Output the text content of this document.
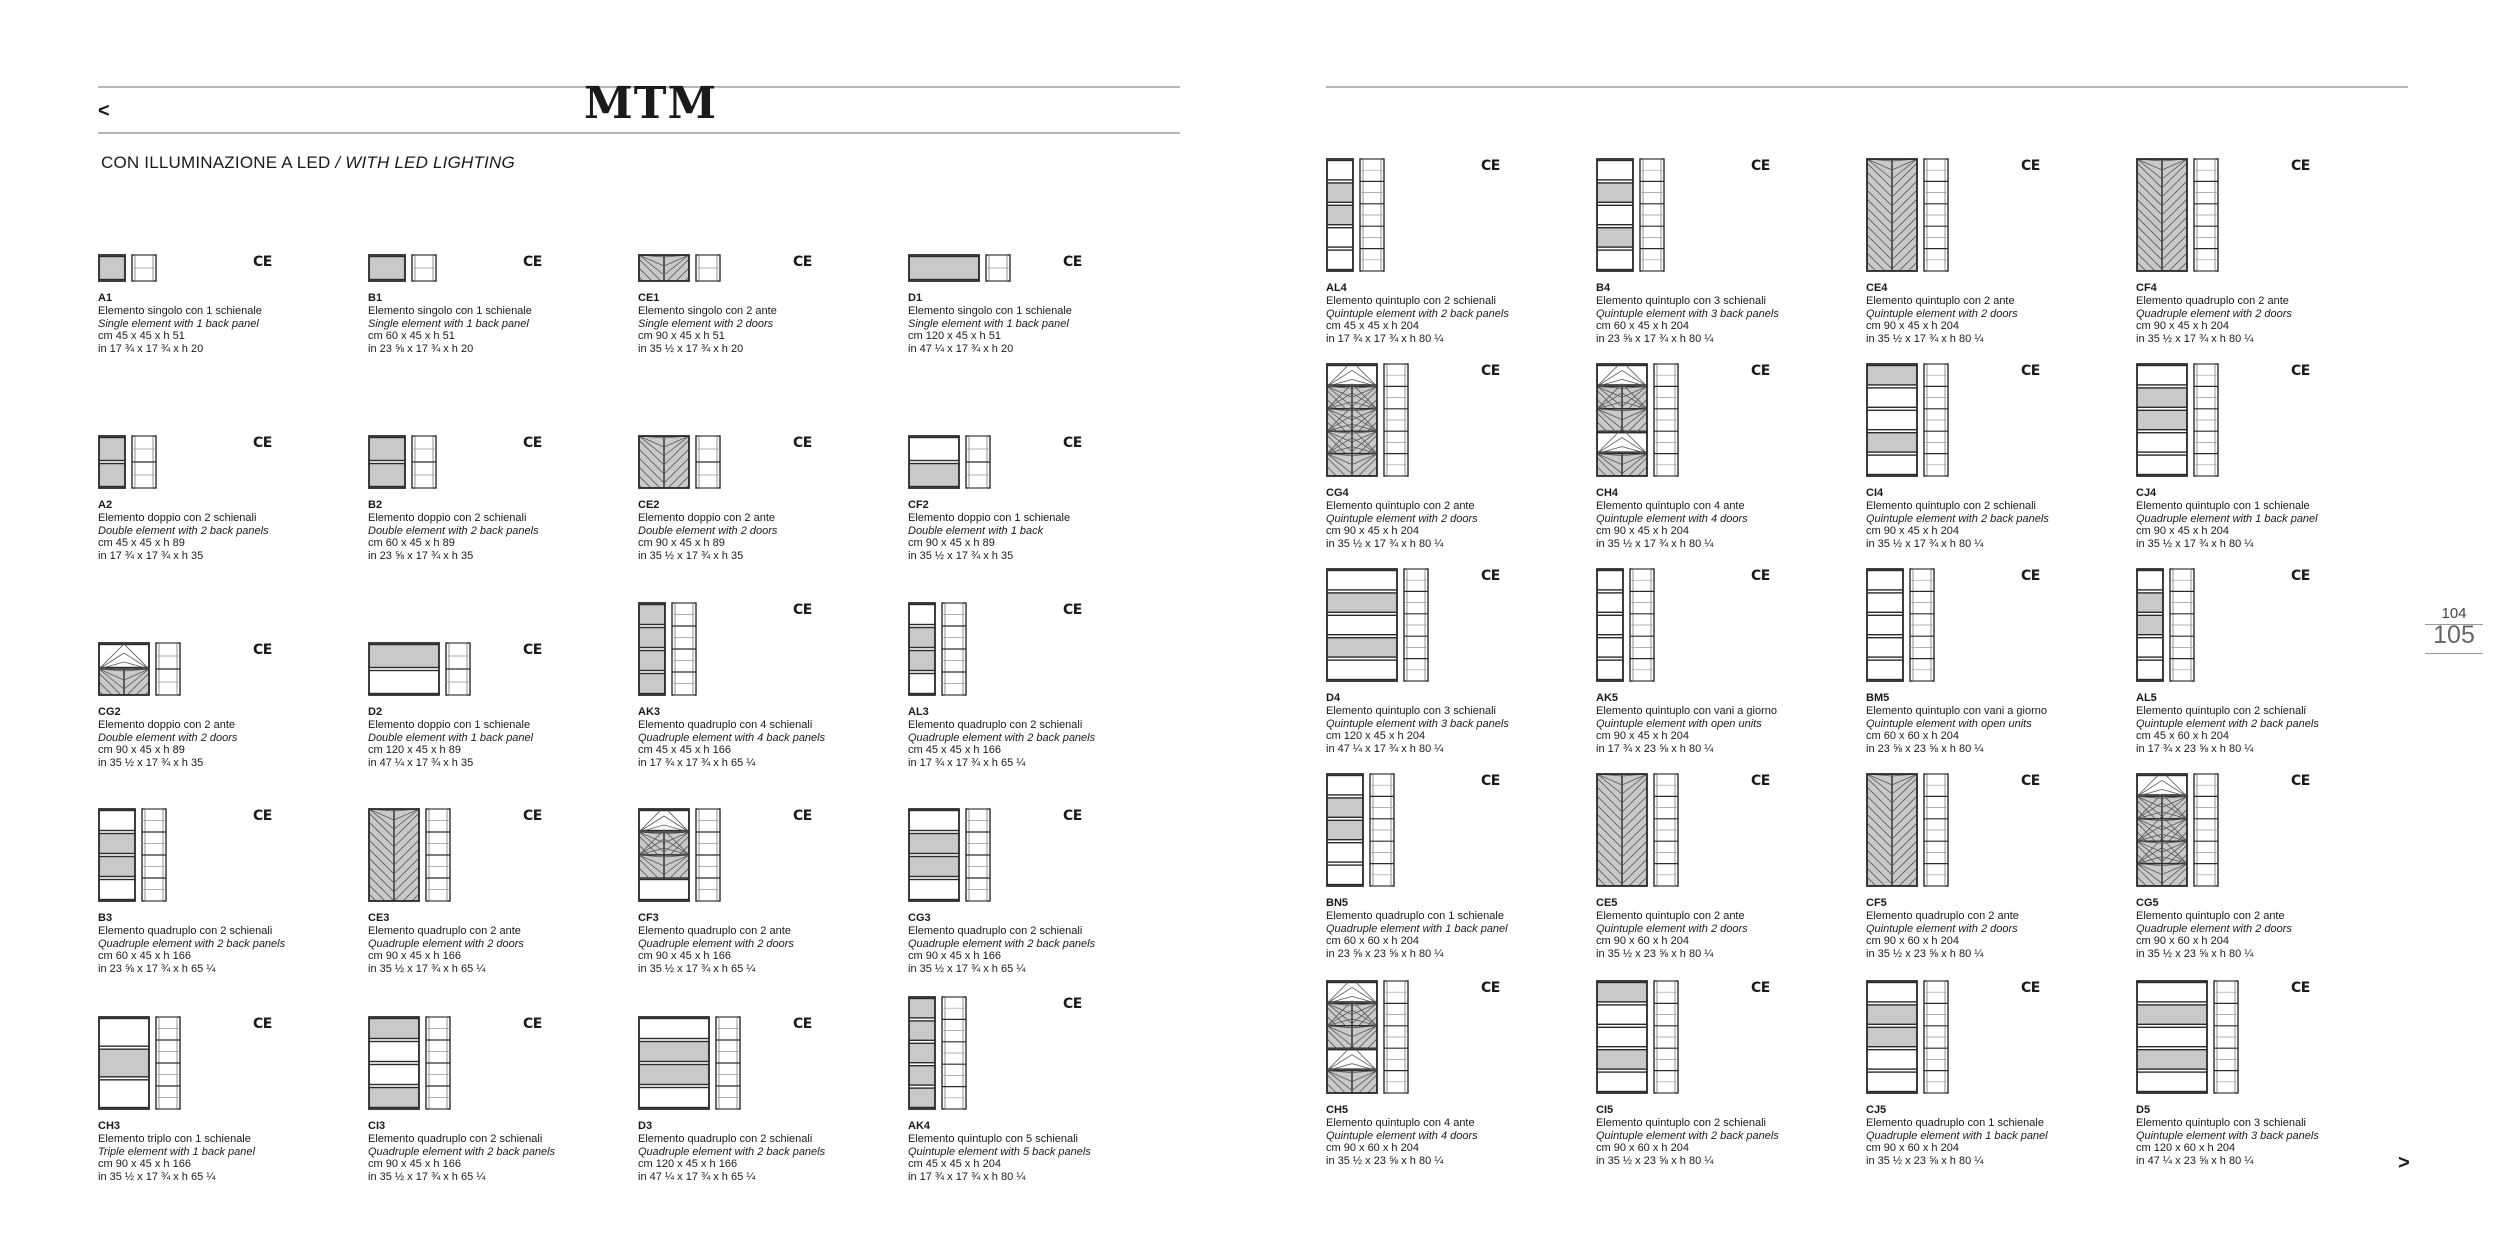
MTM
<
>
CON ILLUMINAZIONE A LED / WITH LED LIGHTING
104
105
CE
A1
Elemento singolo con 1 schienale
Single element with 1 back panel
cm 45 x 45 x h 51
in 17 ¾ x 17 ¾ x h 20
CE
B1
Elemento singolo con 1 schienale
Single element with 1 back panel
cm 60 x 45 x h 51
in 23 ⅝ x 17 ¾ x h 20
CE
CE1
Elemento singolo con 2 ante
Single element with 2 doors
cm 90 x 45 x h 51
in 35 ½ x 17 ¾ x h 20
CE
D1
Elemento singolo con 1 schienale
Single element with 1 back panel
cm 120 x 45 x h 51
in 47 ¼ x 17 ¾ x h 20
CE
A2
Elemento doppio con 2 schienali
Double element with 2 back panels
cm 45 x 45 x h 89
in 17 ¾ x 17 ¾ x h 35
CE
B2
Elemento doppio con 2 schienali
Double element with 2 back panels
cm 60 x 45 x h 89
in 23 ⅝ x 17 ¾ x h 35
CE
CE2
Elemento doppio con 2 ante
Double element with 2 doors
cm 90 x 45 x h 89
in 35 ½ x 17 ¾ x h 35
CE
CF2
Elemento doppio con 1 schienale
Double element with 1 back
cm 90 x 45 x h 89
in 35 ½ x 17 ¾ x h 35
CE
CG2
Elemento doppio con 2 ante
Double element with 2 doors
cm 90 x 45 x h 89
in 35 ½ x 17 ¾ x h 35
CE
D2
Elemento doppio con 1 schienale
Double element with 1 back panel
cm 120 x 45 x h 89
in 47 ¼ x 17 ¾ x h 35
CE
AK3
Elemento quadruplo con 4 schienali
Quadruple element with 4 back panels
cm 45 x 45 x h 166
in 17 ¾ x 17 ¾ x h 65 ¼
CE
AL3
Elemento quadruplo con 2 schienali
Quadruple element with 2 back panels
cm 45 x 45 x h 166
in 17 ¾ x 17 ¾ x h 65 ¼
CE
B3
Elemento quadruplo con 2 schienali
Quadruple element with 2 back panels
cm 60 x 45 x h 166
in 23 ⅝ x 17 ¾ x h 65 ¼
CE
CE3
Elemento quadruplo con 2 ante
Quadruple element with 2 doors
cm 90 x 45 x h 166
in 35 ½ x 17 ¾ x h 65 ¼
CE
CF3
Elemento quadruplo con 2 ante
Quadruple element with 2 doors
cm 90 x 45 x h 166
in 35 ½ x 17 ¾ x h 65 ¼
CE
CG3
Elemento quadruplo con 2 schienali
Quadruple element with 2 back panels
cm 90 x 45 x h 166
in 35 ½ x 17 ¾ x h 65 ¼
CE
CH3
Elemento triplo con 1 schienale
Triple element with 1 back panel
cm 90 x 45 x h 166
in 35 ½ x 17 ¾ x h 65 ¼
CE
CI3
Elemento quadruplo con 2 schienali
Quadruple element with 2 back panels
cm 90 x 45 x h 166
in 35 ½ x 17 ¾ x h 65 ¼
CE
D3
Elemento quadruplo con 2 schienali
Quadruple element with 2 back panels
cm 120 x 45 x h 166
in 47 ¼ x 17 ¾ x h 65 ¼
CE
AK4
Elemento quintuplo con 5 schienali
Quintuple element with 5 back panels
cm 45 x 45 x h 204
in 17 ¾ x 17 ¾ x h 80 ¼
CE
AL4
Elemento quintuplo con 2 schienali
Quintuple element with 2 back panels
cm 45 x 45 x h 204
in 17 ¾ x 17 ¾ x h 80 ¼
CE
B4
Elemento quintuplo con 3 schienali
Quintuple element with 3 back panels
cm 60 x 45 x h 204
in 23 ⅝ x 17 ¾ x h 80 ¼
CE
CE4
Elemento quintuplo con 2 ante
Quintuple element with 2 doors
cm 90 x 45 x h 204
in 35 ½ x 17 ¾ x h 80 ¼
CE
CF4
Elemento quadruplo con 2 ante
Quadruple element with 2 doors
cm 90 x 45 x h 204
in 35 ½ x 17 ¾ x h 80 ¼
CE
CG4
Elemento quintuplo con 2 ante
Quintuple element with 2 doors
cm 90 x 45 x h 204
in 35 ½ x 17 ¾ x h 80 ¼
CE
CH4
Elemento quintuplo con 4 ante
Quintuple element with 4 doors
cm 90 x 45 x h 204
in 35 ½ x 17 ¾ x h 80 ¼
CE
CI4
Elemento quintuplo con 2 schienali
Quintuple element with 2 back panels
cm 90 x 45 x h 204
in 35 ½ x 17 ¾ x h 80 ¼
CE
CJ4
Elemento quintuplo con 1 schienale
Quadruple element with 1 back panel
cm 90 x 45 x h 204
in 35 ½ x 17 ¾ x h 80 ¼
CE
D4
Elemento quintuplo con 3 schienali
Quintuple element with 3 back panels
cm 120 x 45 x h 204
in 47 ¼ x 17 ¾ x h 80 ¼
CE
AK5
Elemento quintuplo con vani a giorno
Quintuple element with open units
cm 90 x 45 x h 204
in 17 ¾ x 23 ⅝ x h 80 ¼
CE
BM5
Elemento quintuplo con vani a giorno
Quintuple element with open units
cm 60 x 60 x h 204
in 23 ⅝ x 23 ⅝ x h 80 ¼
CE
AL5
Elemento quintuplo con 2 schienali
Quintuple element with 2 back panels
cm 45 x 60 x h 204
in 17 ¾ x 23 ⅝ x h 80 ¼
CE
BN5
Elemento quadruplo con 1 schienale
Quadruple element with 1 back panel
cm 60 x 60 x h 204
in 23 ⅝ x 23 ⅝ x h 80 ¼
CE
CE5
Elemento quintuplo con 2 ante
Quintuple element with 2 doors
cm 90 x 60 x h 204
in 35 ½ x 23 ⅝ x h 80 ¼
CE
CF5
Elemento quadruplo con 2 ante
Quintuple element with 2 doors
cm 90 x 60 x h 204
in 35 ½ x 23 ⅝ x h 80 ¼
CE
CG5
Elemento quintuplo con 2 ante
Quadruple element with 2 doors
cm 90 x 60 x h 204
in 35 ½ x 23 ⅝ x h 80 ¼
CE
CH5
Elemento quintuplo con 4 ante
Quintuple element with 4 doors
cm 90 x 60 x h 204
in 35 ½ x 23 ⅝ x h 80 ¼
CE
CI5
Elemento quintuplo con 2 schienali
Quintuple element with 2 back panels
cm 90 x 60 x h 204
in 35 ½ x 23 ⅝ x h 80 ¼
CE
CJ5
Elemento quadruplo con 1 schienale
Quadruple element with 1 back panel
cm 90 x 60 x h 204
in 35 ½ x 23 ⅝ x h 80 ¼
CE
D5
Elemento quintuplo con 3 schienali
Quintuple element with 3 back panels
cm 120 x 60 x h 204
in 47 ¼ x 23 ⅝ x h 80 ¼
